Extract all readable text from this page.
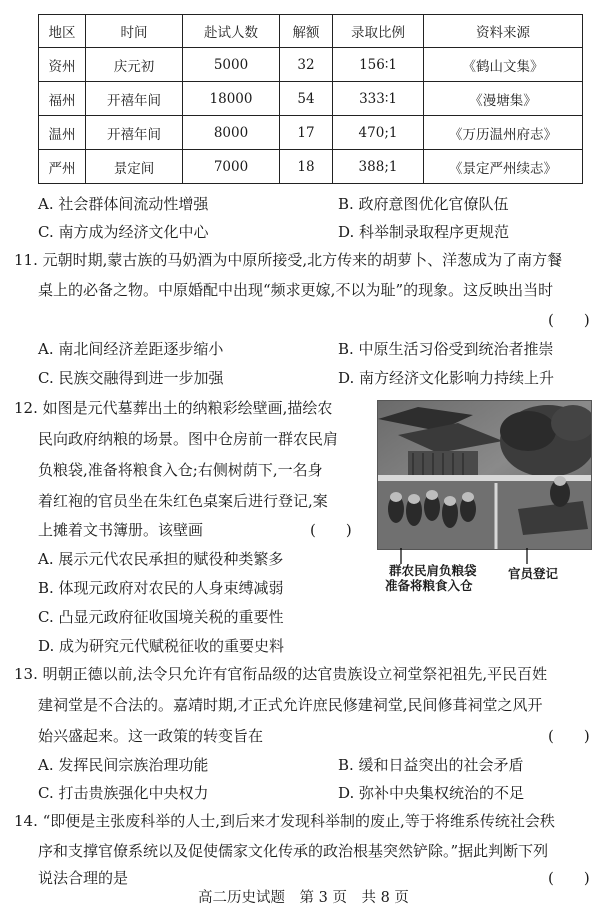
地区	时间	赴试人数	解额	录取比例	资料来源
资州	庆元初	5000	32	156∶1	《鹤山文集》
福州	开禧年间	18000	54	333∶1	《漫塘集》
温州	开禧年间	8000	17	470;1	《万历温州府志》
严州	景定间	7000	18	388;1	《景定严州续志》
A. 社会群体间流动性增强	B. 政府意图优化官僚队伍
C. 南方成为经济文化中心	D. 科举制录取程序更规范
11. 元朝时期,蒙古族的马奶酒为中原所接受,北方传来的胡萝卜、洋葱成为了南方餐
桌上的必备之物。中原婚配中出现“频求更嫁,不以为耻”的现象。这反映出当时
(　　)
A. 南北间经济差距逐步缩小	B. 中原生活习俗受到统治者推崇
C. 民族交融得到进一步加强	D. 南方经济文化影响力持续上升
12. 如图是元代墓葬出土的纳粮彩绘壁画,描绘农
民向政府纳粮的场景。图中仓房前一群农民肩
负粮袋,准备将粮食入仓;右侧树荫下,一名身
着红袍的官员坐在朱红色桌案后进行登记,案
上摊着文书簿册。该壁画	(　　)
A. 展示元代农民承担的赋役种类繁多
B. 体现元政府对农民的人身束缚减弱
C. 凸显元政府征收国境关税的重要性
D. 成为研究元代赋税征收的重要史料
群农民肩负粮袋
准备将粮食入仓
官员登记
13. 明朝正德以前,法令只允许有官衔品级的达官贵族设立祠堂祭祀祖先,平民百姓
建祠堂是不合法的。嘉靖时期,才正式允许庶民修建祠堂,民间修葺祠堂之风开
始兴盛起来。这一政策的转变旨在	(　　)
A. 发挥民间宗族治理功能	B. 缓和日益突出的社会矛盾
C. 打击贵族强化中央权力	D. 弥补中央集权统治的不足
14. “即便是主张废科举的人士,到后来才发现科举制的废止,等于将维系传统社会秩
序和支撑官僚系统以及促使儒家文化传承的政治根基突然铲除。”据此判断下列
说法合理的是	(　　)
高二历史试题　第 3 页　共 8 页
